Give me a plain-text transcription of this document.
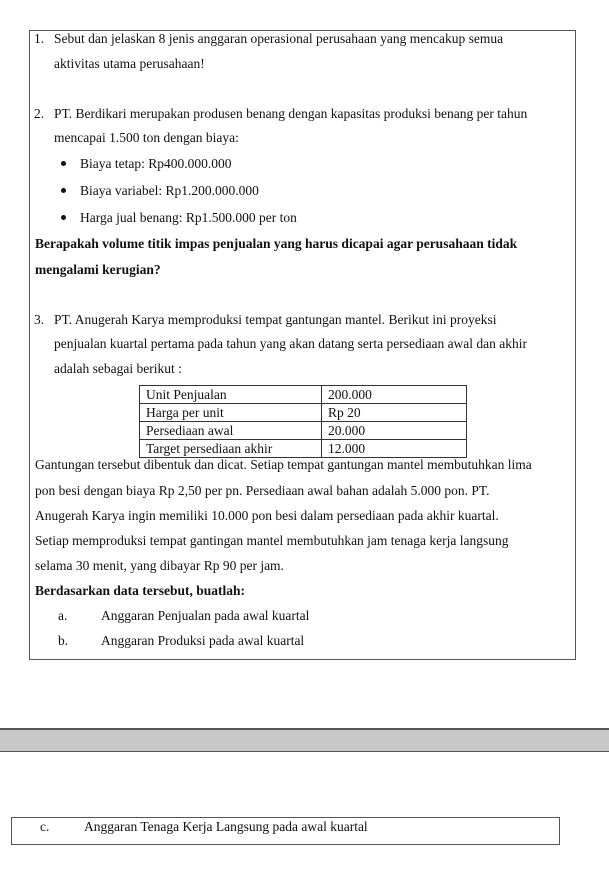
1. Sebut dan jelaskan 8 jenis anggaran operasional perusahaan yang mencakup semua
aktivitas utama perusahaan!
2. PT. Berdikari merupakan produsen benang dengan kapasitas produksi benang per tahun
mencapai 1.500 ton dengan biaya:
Biaya tetap: Rp400.000.000
Biaya variabel: Rp1.200.000.000
Harga jual benang: Rp1.500.000 per ton
Berapakah volume titik impas penjualan yang harus dicapai agar perusahaan tidak
mengalami kerugian?
3. PT. Anugerah Karya memproduksi tempat gantungan mantel. Berikut ini proyeksi
penjualan kuartal pertama pada tahun yang akan datang serta persediaan awal dan akhir
adalah sebagai berikut :
Unit Penjualan	200.000
Harga per unit	Rp 20
Persediaan awal	20.000
Target persediaan akhir	12.000
Gantungan tersebut dibentuk dan dicat. Setiap tempat gantungan mantel membutuhkan lima
pon besi dengan biaya Rp 2,50 per pn. Persediaan awal bahan adalah 5.000 pon. PT.
Anugerah Karya ingin memiliki 10.000 pon besi dalam persediaan pada akhir kuartal.
Setiap memproduksi tempat gantingan mantel membutuhkan jam tenaga kerja langsung
selama 30 menit, yang dibayar Rp 90 per jam.
Berdasarkan data tersebut, buatlah:
a. Anggaran Penjualan pada awal kuartal
b. Anggaran Produksi pada awal kuartal
c.	Anggaran Tenaga Kerja Langsung pada awal kuartal
